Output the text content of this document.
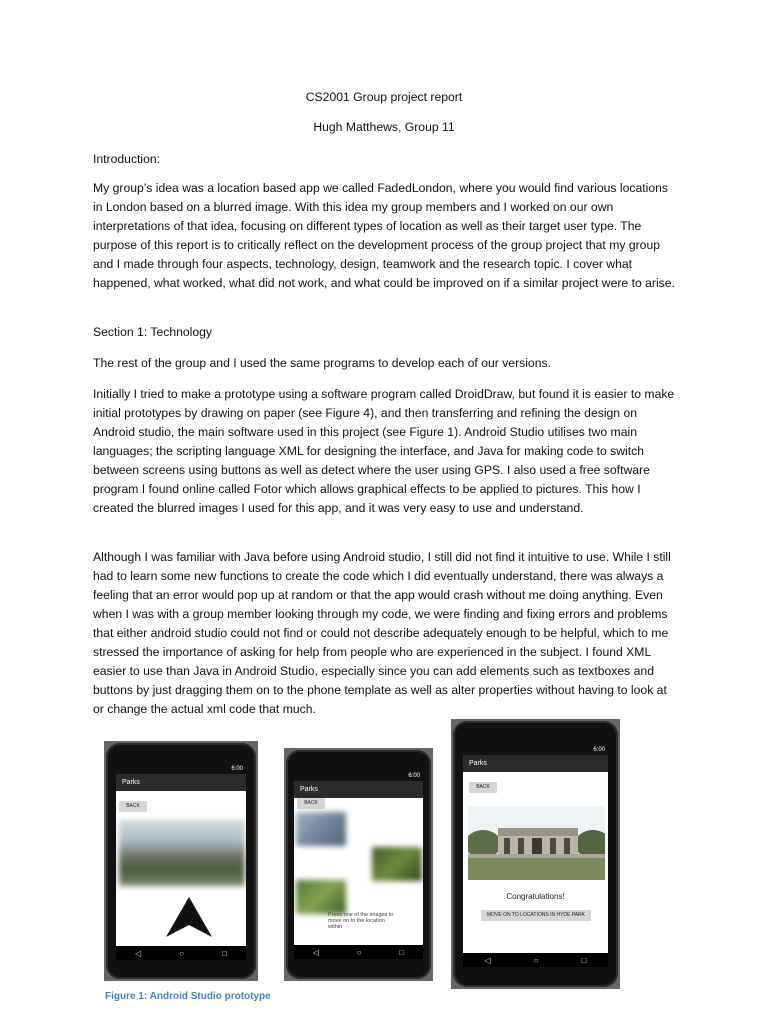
CS2001 Group project report

Hugh Matthews, Group 11

Introduction:

My group’s idea was a location based app we called FadedLondon, where you would find various locations in London based on a blurred image. With this idea my group members and I worked on our own interpretations of that idea, focusing on different types of location as well as their target user type. The purpose of this report is to critically reflect on the development process of the group project that my group and I made through four aspects, technology, design, teamwork and the research topic. I cover what happened, what worked, what did not work, and what could be improved on if a similar project were to arise.

Section 1: Technology

The rest of the group and I used the same programs to develop each of our versions.

Initially I tried to make a prototype using a software program called DroidDraw, but found it is easier to make initial prototypes by drawing on paper (see Figure 4), and then transferring and refining the design on Android studio, the main software used in this project (see Figure 1). Android Studio utilises two main languages; the scripting language XML for designing the interface, and Java for making code to switch between screens using buttons as well as detect where the user using GPS. I also used a free software program I found online called Fotor which allows graphical effects to be applied to pictures. This how I created the blurred images I used for this app, and it was very easy to use and understand.

Although I was familiar with Java before using Android studio, I still did not find it intuitive to use. While I still had to learn some new functions to create the code which I did eventually understand, there was always a feeling that an error would pop up at random or that the app would crash without me doing anything. Even when I was with a group member looking through my code, we were finding and fixing errors and problems that either android studio could not find or could not describe adequately enough to be helpful, which to me stressed the importance of asking for help from people who are experienced in the subject. I found XML easier to use than Java in Android Studio, especially since you can add elements such as textboxes and buttons by just dragging them on to the phone template as well as alter properties without having to look at or change the actual xml code that much.

6:00
Parks
BACK
◁	○	□
6:00
Parks
BACK
Press one of the images to move on to the location within
◁	○	□
6:00
Parks
BACK
Congratulations!
MOVE ON TO LOCATIONS IN HYDE PARK
◁	○	□
Figure 1: Android Studio prototype
